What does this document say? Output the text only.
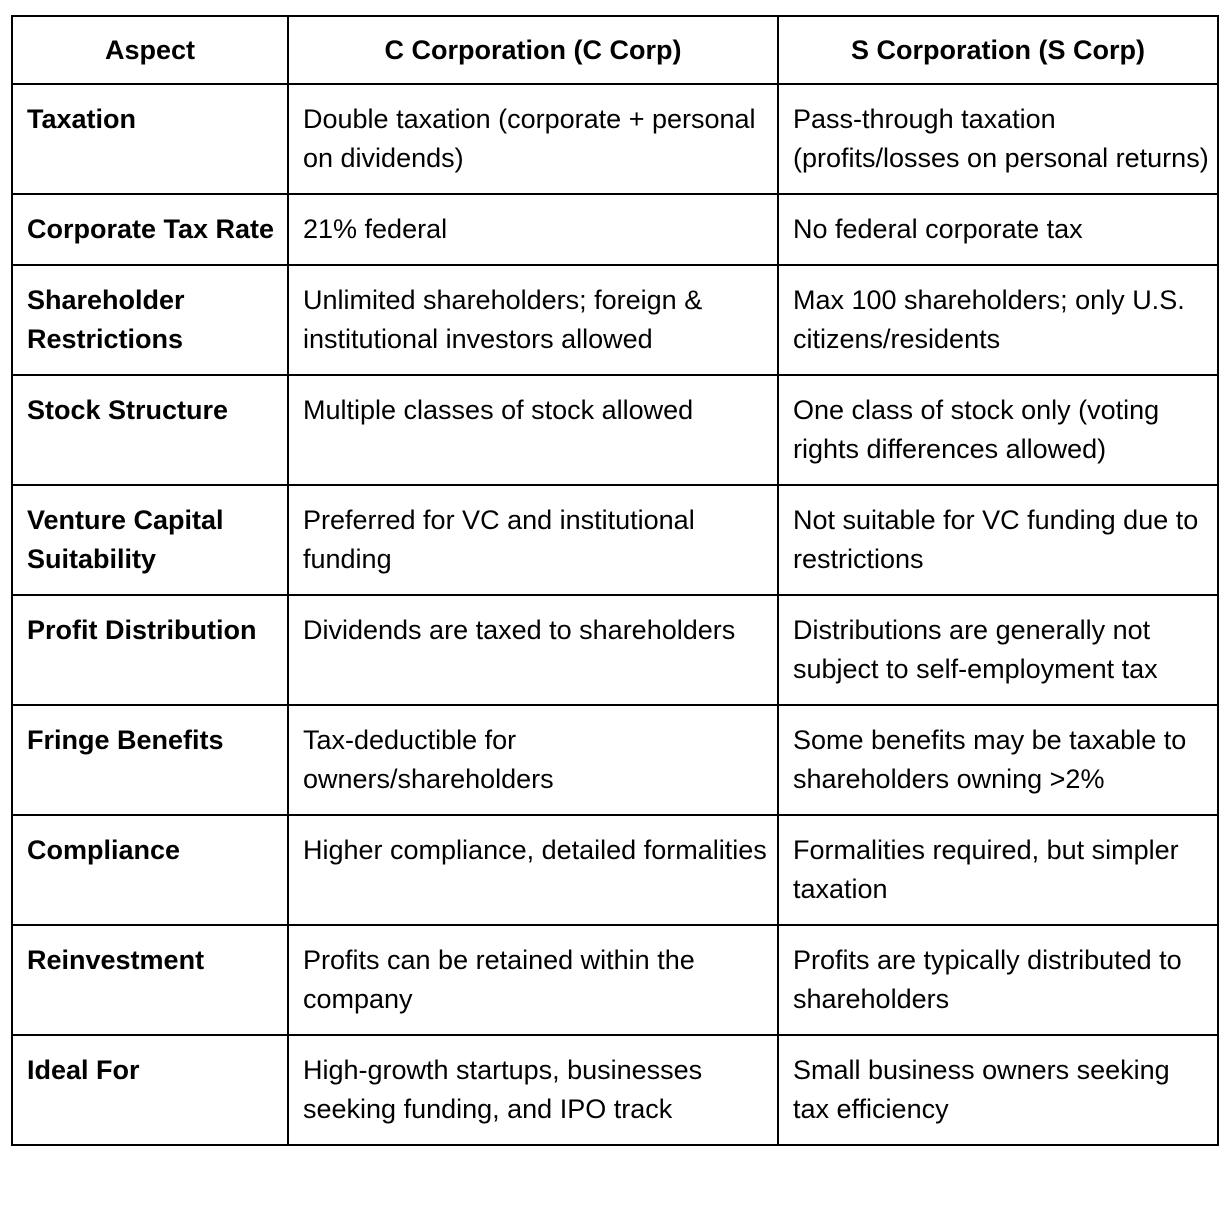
Aspect	C Corporation (C Corp)	S Corporation (S Corp)
Taxation	Double taxation (corporate + personal on dividends)	Pass-through taxation (profits/losses on personal returns)
Corporate Tax Rate	21% federal	No federal corporate tax
Shareholder Restrictions	Unlimited shareholders; foreign & institutional investors allowed	Max 100 shareholders; only U.S. citizens/residents
Stock Structure	Multiple classes of stock allowed	One class of stock only (voting rights differences allowed)
Venture Capital Suitability	Preferred for VC and institutional funding	Not suitable for VC funding due to restrictions
Profit Distribution	Dividends are taxed to shareholders	Distributions are generally not subject to self-employment tax
Fringe Benefits	Tax-deductible for owners/shareholders	Some benefits may be taxable to shareholders owning >2%
Compliance	Higher compliance, detailed formalities	Formalities required, but simpler taxation
Reinvestment	Profits can be retained within the company	Profits are typically distributed to shareholders
Ideal For	High-growth startups, businesses seeking funding, and IPO track	Small business owners seeking tax efficiency
